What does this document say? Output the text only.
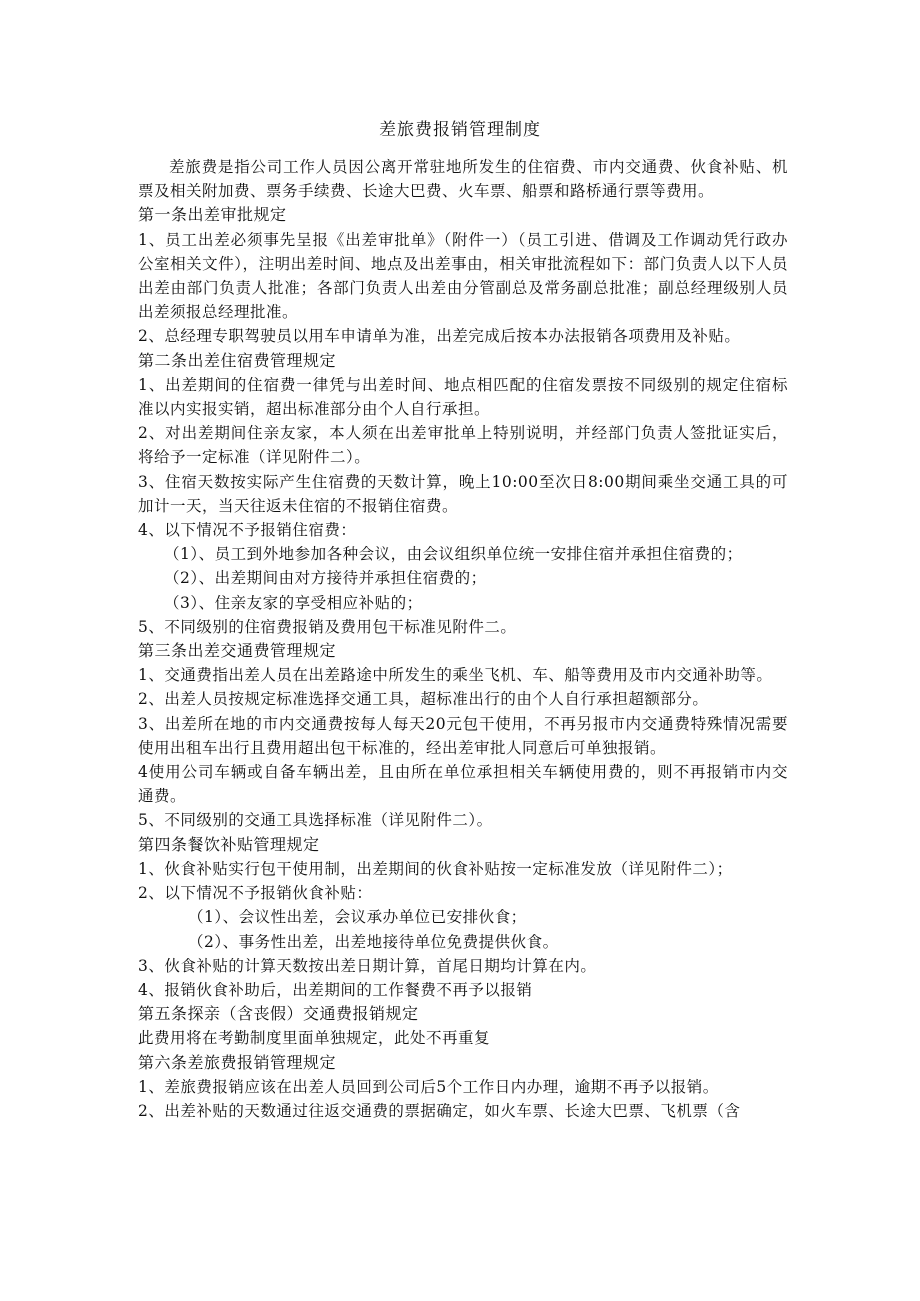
差旅费报销管理制度

差旅费是指公司工作人员因公离开常驻地所发生的住宿费、市内交通费、伙食补贴、机票及相关附加费、票务手续费、长途大巴费、火车票、船票和路桥通行票等费用。

第一条出差审批规定

1、员工出差必须事先呈报《出差审批单》（附件一）（员工引进、借调及工作调动凭行政办公室相关文件），注明出差时间、地点及出差事由，相关审批流程如下：部门负责人以下人员出差由部门负责人批准；各部门负责人出差由分管副总及常务副总批准；副总经理级别人员出差须报总经理批准。

2、总经理专职驾驶员以用车申请单为准，出差完成后按本办法报销各项费用及补贴。

第二条出差住宿费管理规定

1、出差期间的住宿费一律凭与出差时间、地点相匹配的住宿发票按不同级别的规定住宿标准以内实报实销，超出标准部分由个人自行承担。

2、对出差期间住亲友家，本人须在出差审批单上特别说明，并经部门负责人签批证实后，将给予一定标准（详见附件二）。

3、住宿天数按实际产生住宿费的天数计算，晚上10:00至次日8:00期间乘坐交通工具的可加计一天，当天往返未住宿的不报销住宿费。

4、以下情况不予报销住宿费：

（1）、员工到外地参加各种会议，由会议组织单位统一安排住宿并承担住宿费的；

（2）、出差期间由对方接待并承担住宿费的；

（3）、住亲友家的享受相应补贴的；

5、不同级别的住宿费报销及费用包干标准见附件二。

第三条出差交通费管理规定

1、交通费指出差人员在出差路途中所发生的乘坐飞机、车、船等费用及市内交通补助等。

2、出差人员按规定标准选择交通工具，超标准出行的由个人自行承担超额部分。

3、出差所在地的市内交通费按每人每天20元包干使用，不再另报市内交通费特殊情况需要使用出租车出行且费用超出包干标准的，经出差审批人同意后可单独报销。

4使用公司车辆或自备车辆出差，且由所在单位承担相关车辆使用费的，则不再报销市内交通费。

5、不同级别的交通工具选择标准（详见附件二）。

第四条餐饮补贴管理规定

1、伙食补贴实行包干使用制，出差期间的伙食补贴按一定标准发放（详见附件二）；

2、以下情况不予报销伙食补贴：

（1）、会议性出差，会议承办单位已安排伙食；

（2）、事务性出差，出差地接待单位免费提供伙食。

3、伙食补贴的计算天数按出差日期计算，首尾日期均计算在内。

4、报销伙食补助后，出差期间的工作餐费不再予以报销

第五条探亲（含丧假）交通费报销规定

此费用将在考勤制度里面单独规定，此处不再重复

第六条差旅费报销管理规定

1、差旅费报销应该在出差人员回到公司后5个工作日内办理，逾期不再予以报销。

2、出差补贴的天数通过往返交通费的票据确定，如火车票、长途大巴票、飞机票（含
